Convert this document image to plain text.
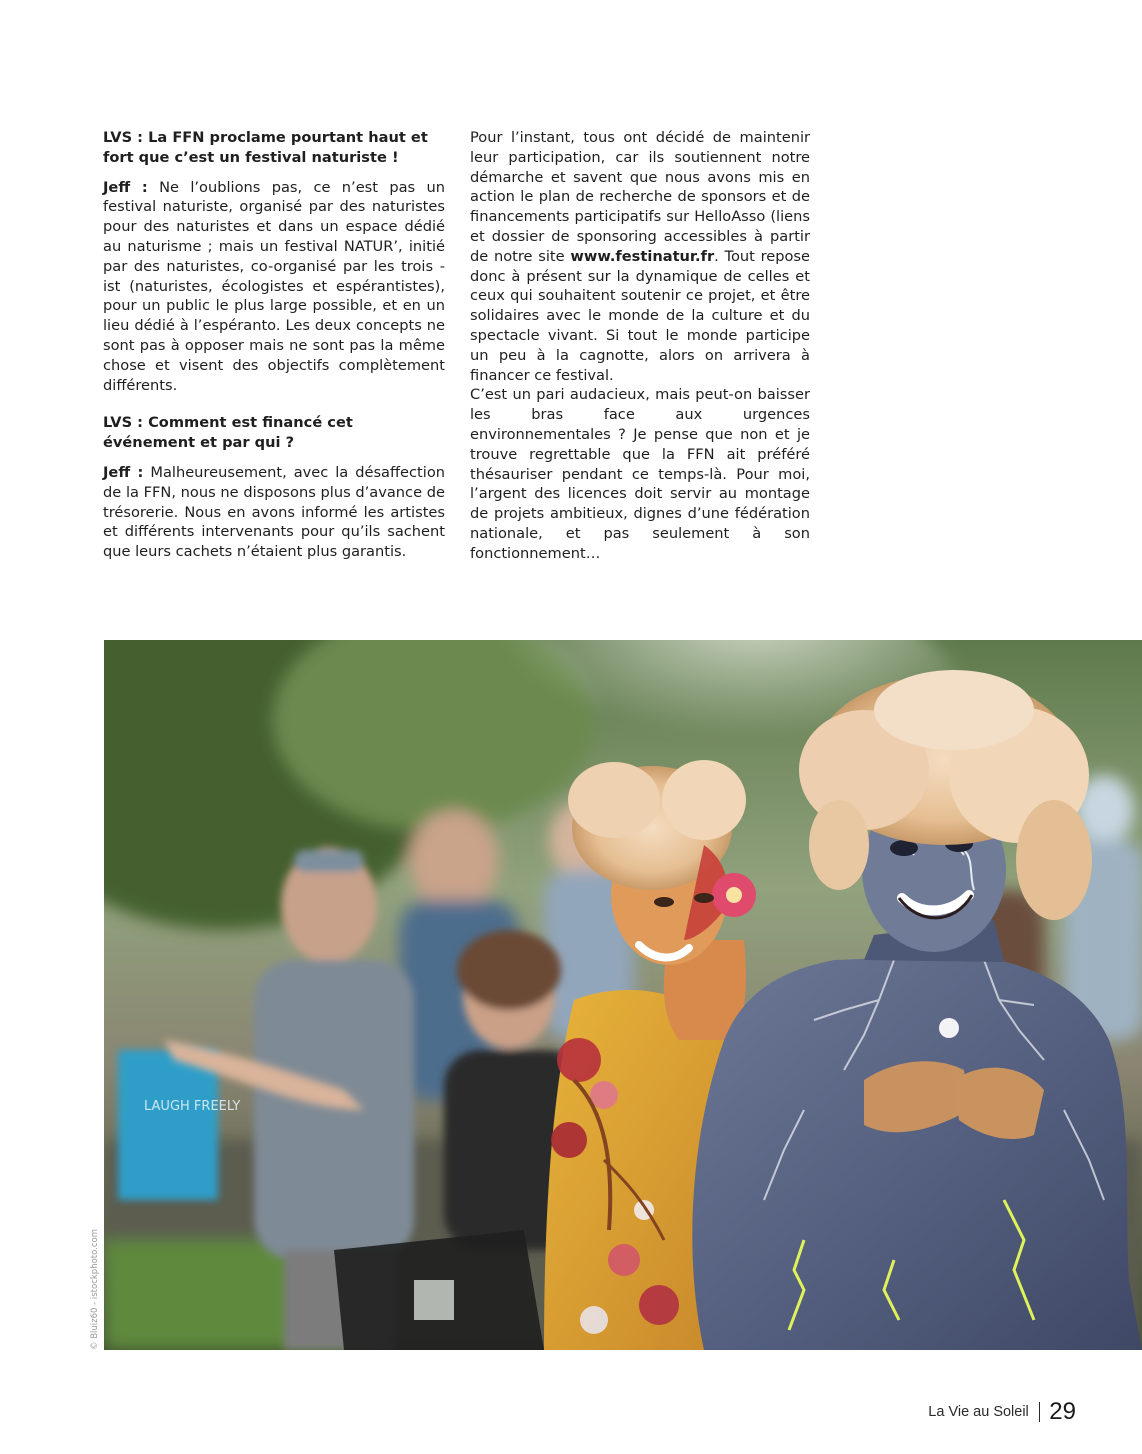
LVS : La FFN proclame pourtant haut et fort que c’est un festival naturiste !

Jeff : Ne l’oublions pas, ce n’est pas un festival naturiste, organisé par des naturistes pour des naturistes et dans un espace dédié au naturisme ; mais un festival NATUR’, initié par des naturistes, co-organisé par les trois -ist (naturistes, écologistes et espérantistes), pour un public le plus large possible, et en un lieu dédié à l’espéranto. Les deux concepts ne sont pas à opposer mais ne sont pas la même chose et visent des objectifs complètement différents.

LVS : Comment est financé cet événement et par qui ?

Jeff : Malheureusement, avec la désaffection de la FFN, nous ne disposons plus d’avance de trésorerie. Nous en avons informé les artistes et différents intervenants pour qu’ils sachent que leurs cachets n’étaient plus garantis.

Pour l’instant, tous ont décidé de maintenir leur participation, car ils soutiennent notre démarche et savent que nous avons mis en action le plan de recherche de sponsors et de financements participatifs sur HelloAsso (liens et dossier de sponsoring accessibles à partir de notre site www.festinatur.fr. Tout repose donc à présent sur la dynamique de celles et ceux qui souhaitent soutenir ce projet, et être solidaires avec le monde de la culture et du spectacle vivant. Si tout le monde participe un peu à la cagnotte, alors on arrivera à financer ce festival.

C’est un pari audacieux, mais peut-on baisser les bras face aux urgences environnementales ? Je pense que non et je trouve regrettable que la FFN ait préféré thésauriser pendant ce temps-là. Pour moi, l’argent des licences doit servir au montage de projets ambitieux, dignes d’une fédération nationale, et pas seulement à son fonctionnement…

LAUGH FREELY
© Bluiz60 - istockphoto.com
La Vie au Soleil 29
